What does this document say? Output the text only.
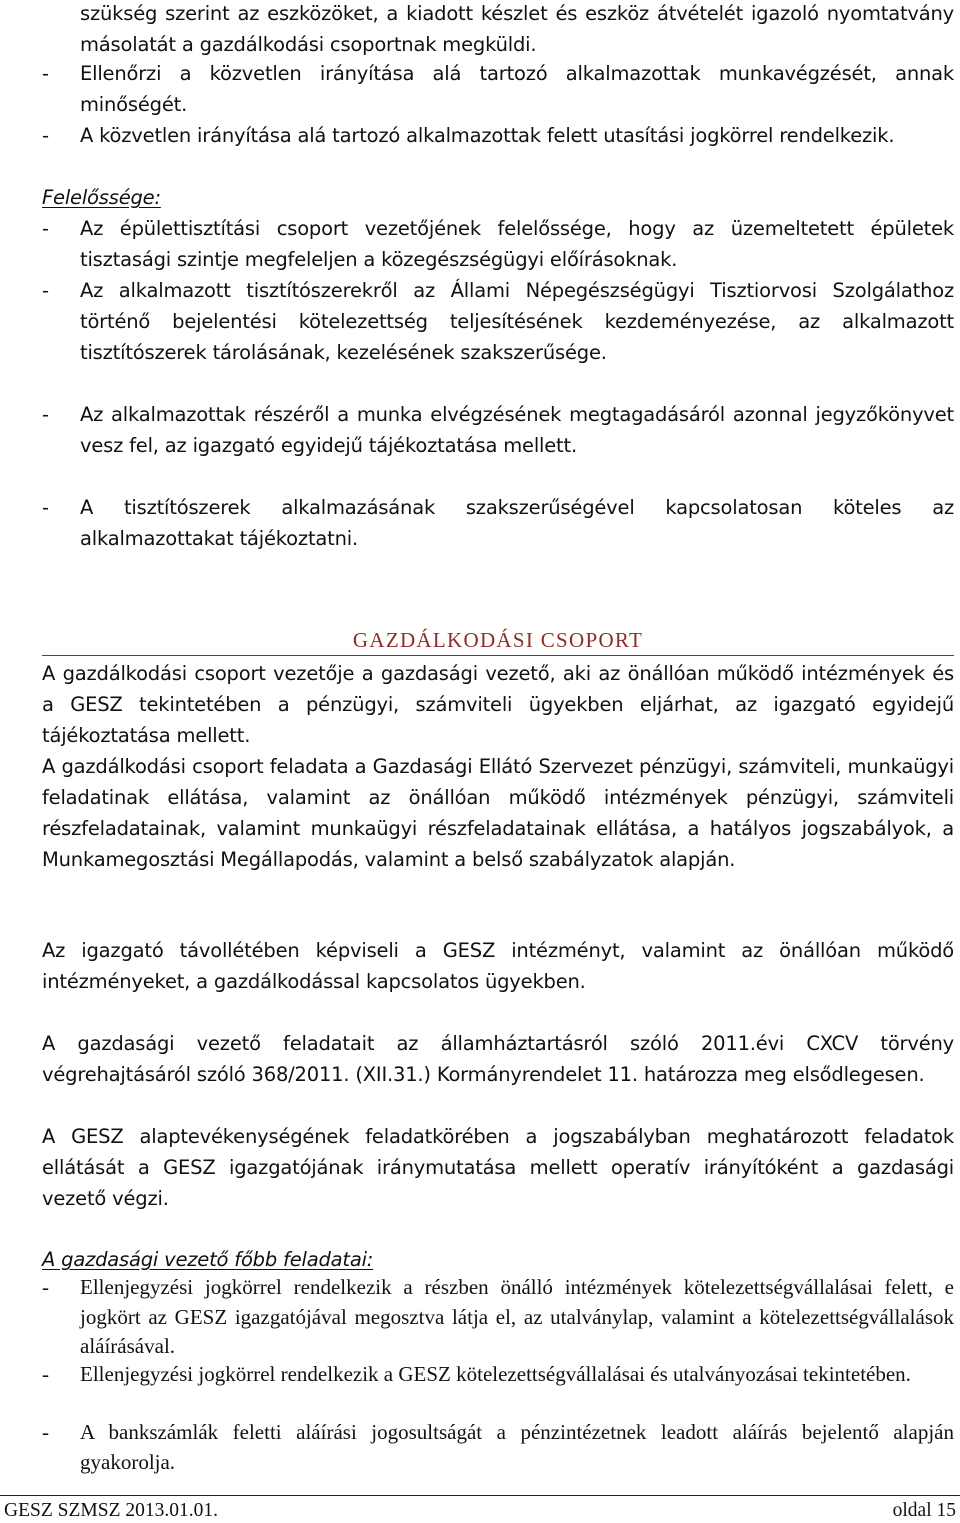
szükség szerint az eszközöket, a kiadott készlet és eszköz átvételét igazoló nyomtatvány másolatát a gazdálkodási csoportnak megküldi.
-	Ellenőrzi a közvetlen irányítása alá tartozó alkalmazottak munkavégzését, annak minőségét.
-	A közvetlen irányítása alá tartozó alkalmazottak felett utasítási jogkörrel rendelkezik.
Felelőssége:
-	Az épülettisztítási csoport vezetőjének felelőssége, hogy az üzemeltetett épületek tisztasági szintje megfeleljen a közegészségügyi előírásoknak.
-	Az alkalmazott tisztítószerekről az Állami Népegészségügyi Tisztiorvosi Szolgálathoz történő bejelentési kötelezettség teljesítésének kezdeményezése, az alkalmazott tisztítószerek tárolásának, kezelésének szakszerűsége.
-	Az alkalmazottak részéről a munka elvégzésének megtagadásáról azonnal jegyzőkönyvet vesz fel, az igazgató egyidejű tájékoztatása mellett.
-	A tisztítószerek alkalmazásának szakszerűségével kapcsolatosan köteles az alkalmazottakat tájékoztatni.
GAZDÁLKODÁSI CSOPORT
A gazdálkodási csoport vezetője a gazdasági vezető, aki az önállóan működő intézmények és a GESZ tekintetében a pénzügyi, számviteli ügyekben eljárhat, az igazgató egyidejű tájékoztatása mellett.
A gazdálkodási csoport feladata a Gazdasági Ellátó Szervezet pénzügyi, számviteli, munkaügyi feladatinak ellátása, valamint az önállóan működő intézmények pénzügyi, számviteli részfeladatainak, valamint munkaügyi részfeladatainak ellátása, a hatályos jogszabályok, a Munkamegosztási Megállapodás, valamint a belső szabályzatok alapján.
Az igazgató távollétében képviseli a GESZ intézményt, valamint az önállóan működő intézményeket, a gazdálkodással kapcsolatos ügyekben.
A gazdasági vezető feladatait az államháztartásról szóló 2011.évi CXCV törvény végrehajtásáról szóló 368/2011. (XII.31.) Kormányrendelet 11. határozza meg elsődlegesen.
A GESZ alaptevékenységének feladatkörében a jogszabályban meghatározott feladatok ellátását a GESZ igazgatójának iránymutatása mellett operatív irányítóként a gazdasági vezető végzi.
A gazdasági vezető főbb feladatai:
-	Ellenjegyzési jogkörrel rendelkezik a részben önálló intézmények kötelezettségvállalásai felett, e jogkört az GESZ igazgatójával megosztva látja el, az utalványlap, valamint a kötelezettségvállalások aláírásával.
-	Ellenjegyzési jogkörrel rendelkezik a GESZ kötelezettségvállalásai és utalványozásai tekintetében.
-	A bankszámlák feletti aláírási jogosultságát a pénzintézetnek leadott aláírás bejelentő alapján gyakorolja.
GESZ SZMSZ 2013.01.01.	oldal 15
